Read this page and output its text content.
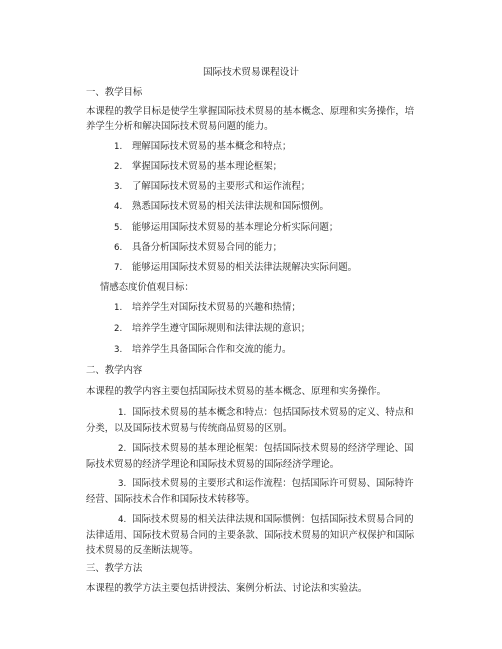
国际技术贸易课程设计
一、教学目标
本课程的教学目标是使学生掌握国际技术贸易的基本概念、原理和实务操作，培养学生分析和解决国际技术贸易问题的能力。
1. 理解国际技术贸易的基本概念和特点；
2. 掌握国际技术贸易的基本理论框架；
3. 了解国际技术贸易的主要形式和运作流程；
4. 熟悉国际技术贸易的相关法律法规和国际惯例。
5. 能够运用国际技术贸易的基本理论分析实际问题；
6. 具备分析国际技术贸易合同的能力；
7. 能够运用国际技术贸易的相关法律法规解决实际问题。
情感态度价值观目标：
1. 培养学生对国际技术贸易的兴趣和热情；
2. 培养学生遵守国际规则和法律法规的意识；
3. 培养学生具备国际合作和交流的能力。
二、教学内容
本课程的教学内容主要包括国际技术贸易的基本概念、原理和实务操作。
1. 国际技术贸易的基本概念和特点：包括国际技术贸易的定义、特点和分类，以及国际技术贸易与传统商品贸易的区别。
2. 国际技术贸易的基本理论框架：包括国际技术贸易的经济学理论、国际技术贸易的经济学理论和国际技术贸易的国际经济学理论。
3. 国际技术贸易的主要形式和运作流程：包括国际许可贸易、国际特许经营、国际技术合作和国际技术转移等。
4. 国际技术贸易的相关法律法规和国际惯例：包括国际技术贸易合同的法律适用、国际技术贸易合同的主要条款、国际技术贸易的知识产权保护和国际技术贸易的反垄断法规等。
三、教学方法
本课程的教学方法主要包括讲授法、案例分析法、讨论法和实验法。
